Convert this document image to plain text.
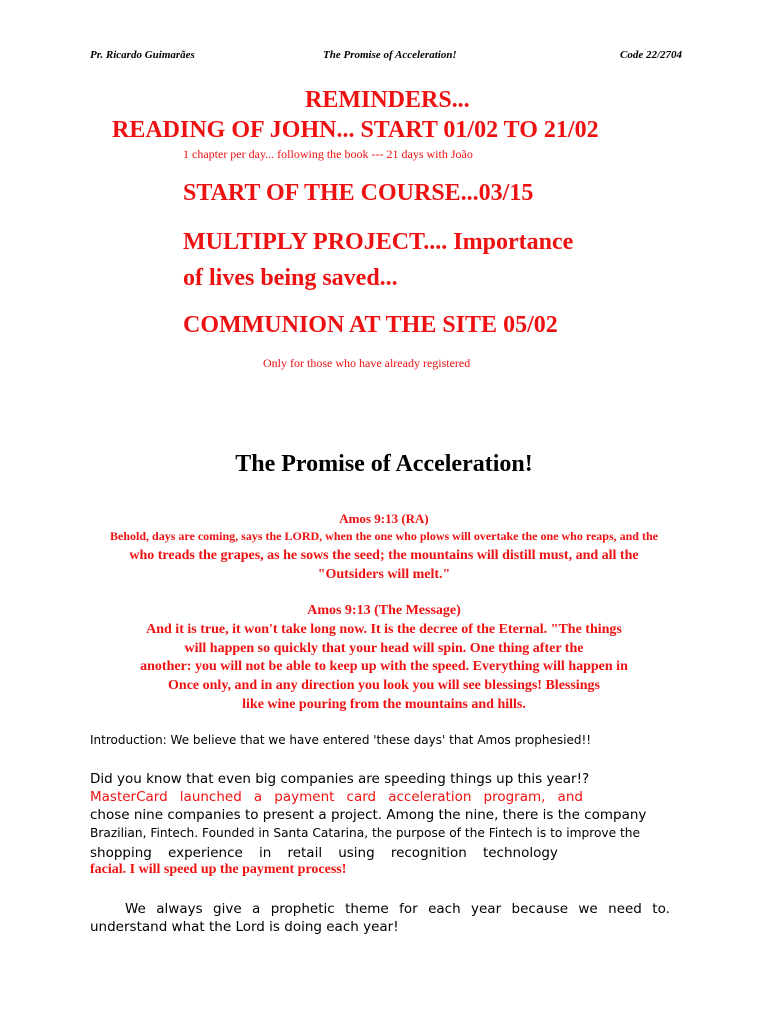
Pr. Ricardo Guimarães	The Promise of Acceleration!	Code 22/2704
REMINDERS...
READING OF JOHN... START 01/02 TO 21/02
1 chapter per day... following the book --- 21 days with João
START OF THE COURSE...03/15
MULTIPLY PROJECT.... Importance
of lives being saved...
COMMUNION AT THE SITE 05/02
Only for those who have already registered
The Promise of Acceleration!
Amos 9:13 (RA)
Behold, days are coming, says the LORD, when the one who plows will overtake the one who reaps, and the
who treads the grapes, as he sows the seed; the mountains will distill must, and all the
"Outsiders will melt."
Amos 9:13 (The Message)
And it is true, it won't take long now. It is the decree of the Eternal. "The things
will happen so quickly that your head will spin. One thing after the
another: you will not be able to keep up with the speed. Everything will happen in
Once only, and in any direction you look you will see blessings! Blessings
like wine pouring from the mountains and hills.
Introduction: We believe that we have entered 'these days' that Amos prophesied!!
Did you know that even big companies are speeding things up this year!?
MasterCard launched a payment card acceleration program, and
chose nine companies to present a project. Among the nine, there is the company
Brazilian, Fintech. Founded in Santa Catarina, the purpose of the Fintech is to improve the
shopping experience in retail using recognition technology
facial. I will speed up the payment process!
We always give a prophetic theme for each year because we need to.
understand what the Lord is doing each year!
